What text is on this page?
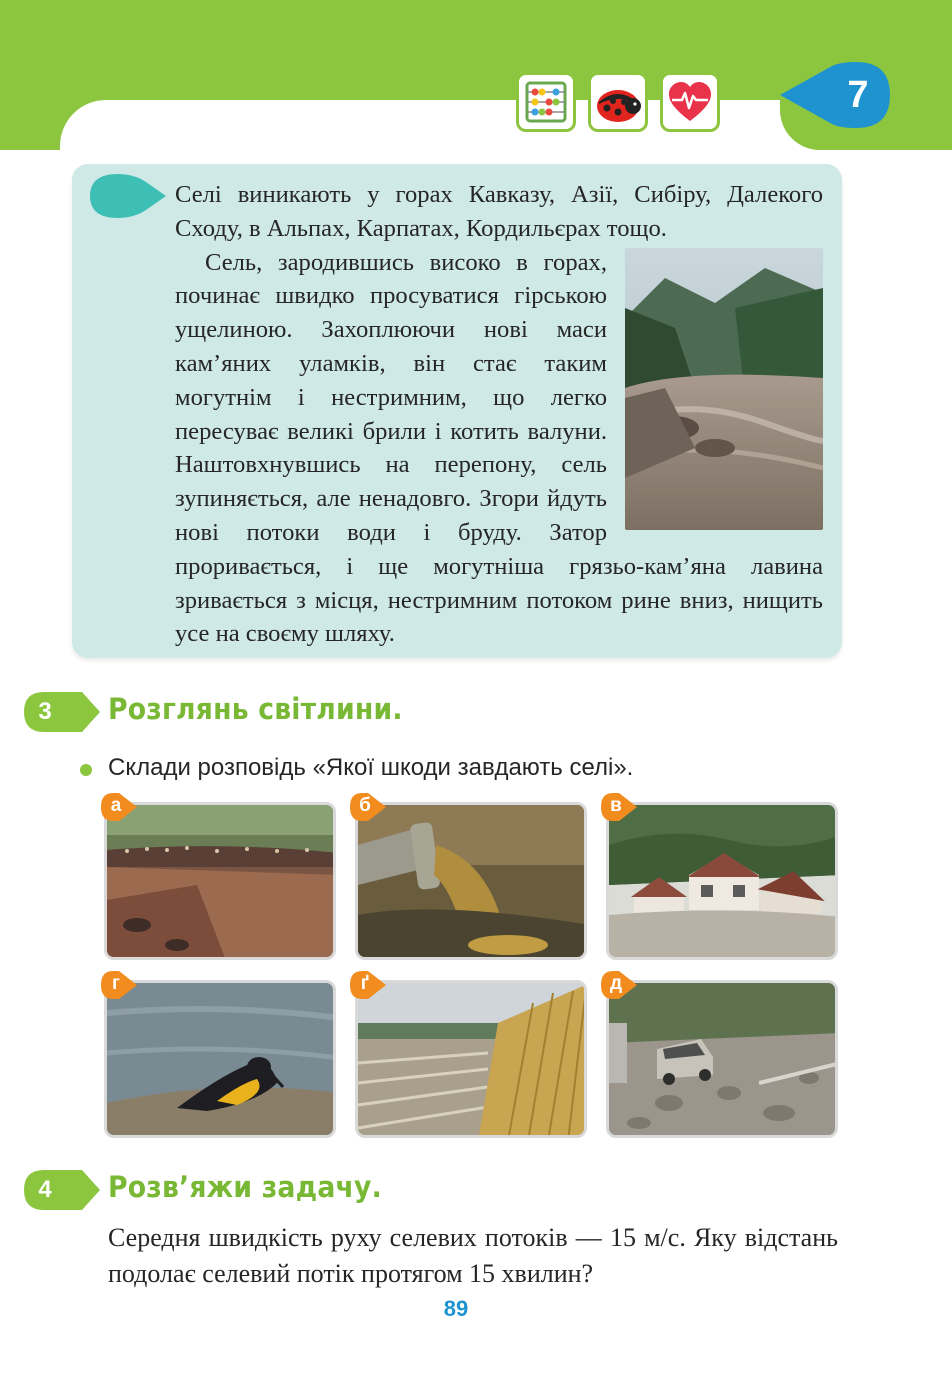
7

Селі виникають у горах Кавказу, Азії, Сибіру, Далекого Сходу, в Альпах, Карпатах, Кордильєрах тощо.

Сель, зародившись високо в горах, починає швидко просуватися гірською ущелиною. Захоплюючи нові маси кам’яних уламків, він стає таким могутнім і нестримним, що легко пересуває великі брили і котить валуни. Наштовхнувшись на перепону, сель зупиняється, але ненадовго. Згори йдуть нові потоки води і бруду. Затор проривається, і ще могутніша грязьо-кам’яна лавина зривається з місця, нестримним потоком рине вниз, нищить усе на своєму шляху.

3 Розглянь світлини.
Склади розповідь «Якої шкоди завдають селі».
а	б	в
г	ґ	д
4 Розв’яжи задачу.
Середня швидкість руху селевих потоків — 15 м/с. Яку відстань подолає селевий потік протягом 15 хвилин?
89
